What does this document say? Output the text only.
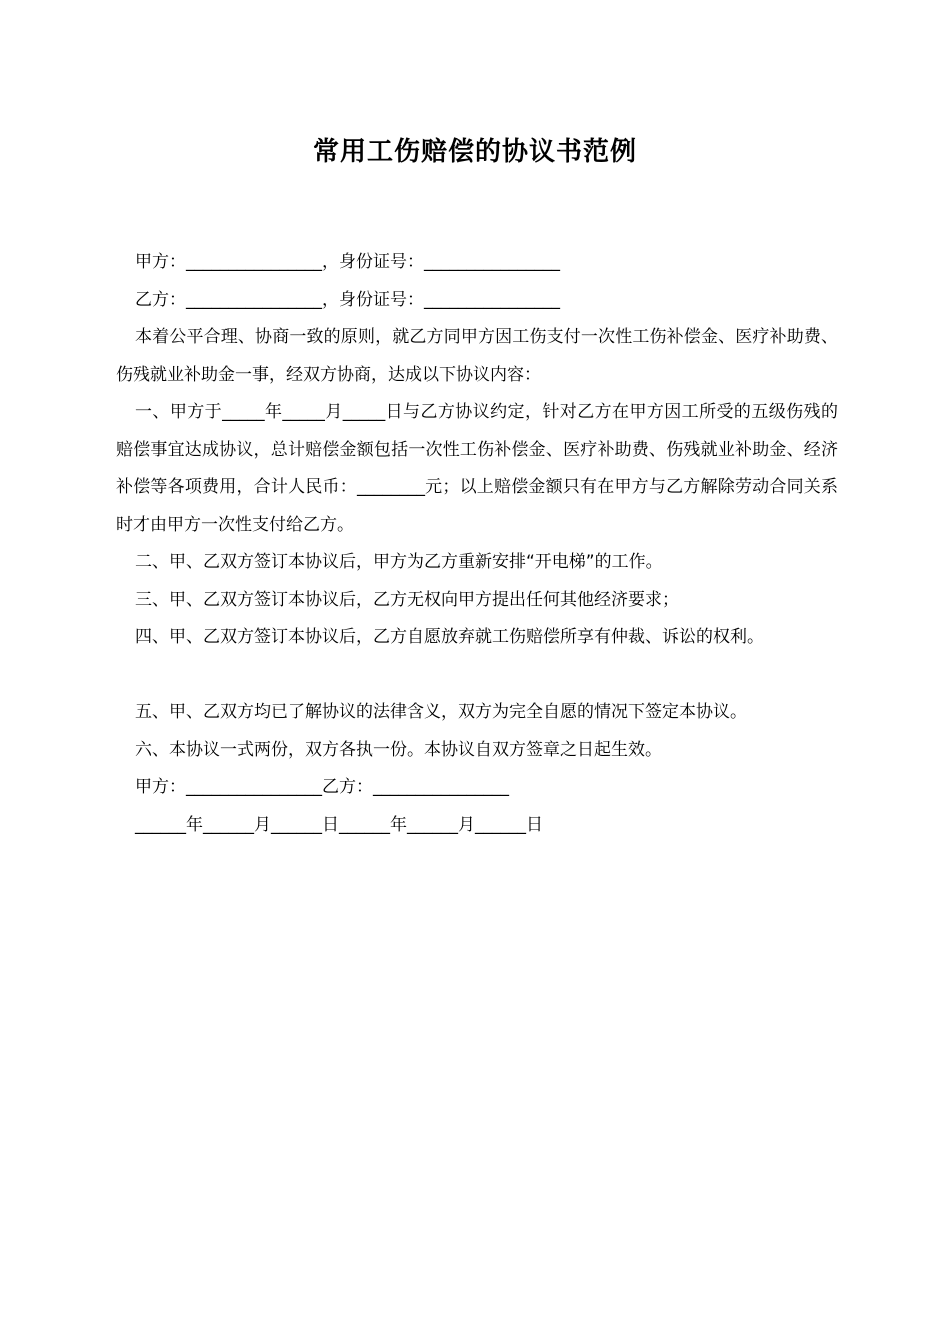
常用工伤赔偿的协议书范例

甲方：________________，身份证号：________________

乙方：________________，身份证号：________________

本着公平合理、协商一致的原则，就乙方同甲方因工伤支付一次性工伤补偿金、医疗补助费、伤残就业补助金一事，经双方协商，达成以下协议内容：

一、甲方于_____年_____月_____日与乙方协议约定，针对乙方在甲方因工所受的五级伤残的赔偿事宜达成协议，总计赔偿金额包括一次性工伤补偿金、医疗补助费、伤残就业补助金、经济补偿等各项费用，合计人民币：________元；以上赔偿金额只有在甲方与乙方解除劳动合同关系时才由甲方一次性支付给乙方。

二、甲、乙双方签订本协议后，甲方为乙方重新安排“开电梯”的工作。

三、甲、乙双方签订本协议后，乙方无权向甲方提出任何其他经济要求；

四、甲、乙双方签订本协议后，乙方自愿放弃就工伤赔偿所享有仲裁、诉讼的权利。

五、甲、乙双方均已了解协议的法律含义，双方为完全自愿的情况下签定本协议。

六、本协议一式两份，双方各执一份。本协议自双方签章之日起生效。

甲方：________________乙方：________________

______年______月______日______年______月______日
